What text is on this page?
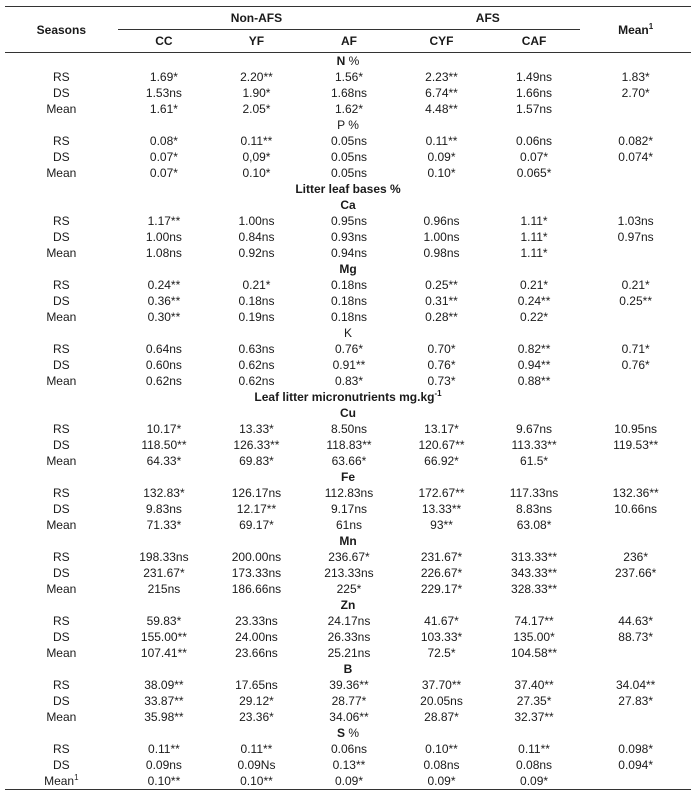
Seasons	Non-AFS			AFS		Mean$^1$
	CC	YF	AF	CYF	CAF	
N %						
RS	1.69*	2.20**	1.56*	2.23**	1.49ns	1.83*
DS	1.53ns	1.90*	1.68ns	6.74**	1.66ns	2.70*
Mean	1.61*	2.05*	1.62*	4.48**	1.57ns	
P %						
RS	0.08*	0.11**	0.05ns	0.11**	0.06ns	0.082*
DS	0.07*	0,09*	0.05ns	0.09*	0.07*	0.074*
Mean	0.07*	0.10*	0.05ns	0.10*	0.065*	
Litter leaf bases %						
Ca						
RS	1.17**	1.00ns	0.95ns	0.96ns	1.11*	1.03ns
DS	1.00ns	0.84ns	0.93ns	1.00ns	1.11*	0.97ns
Mean	1.08ns	0.92ns	0.94ns	0.98ns	1.11*	
Mg						
RS	0.24**	0.21*	0.18ns	0.25**	0.21*	0.21*
DS	0.36**	0.18ns	0.18ns	0.31**	0.24**	0.25**
Mean	0.30**	0.19ns	0.18ns	0.28**	0.22*	
K						
RS	0.64ns	0.63ns	0.76*	0.70*	0.82**	0.71*
DS	0.60ns	0.62ns	0.91**	0.76*	0.94**	0.76*
Mean	0.62ns	0.62ns	0.83*	0.73*	0.88**	
Leaf litter micronutrients $mg.kg^{-1}$
Cu						
RS	10.17*	13.33*	8.50ns	13.17*	9.67ns	10.95ns
DS	118.50**	126.33**	118.83**	120.67**	113.33**	119.53**
Mean	64.33*	69.83*	63.66*	66.92*	61.5*	
Fe						
RS	132.83*	126.17ns	112.83ns	172.67**	117.33ns	132.36**
DS	9.83ns	12.17**	9.17ns	13.33**	8.83ns	10.66ns
Mean	71.33*	69.17*	61ns	93**	63.08*	
Mn						
RS	198.33ns	200.00ns	236.67*	231.67*	313.33**	236*
DS	231.67*	173.33ns	213.33ns	226.67*	343.33**	237.66*
Mean	215ns	186.66ns	225*	229.17*	328.33**	
Zn						
RS	59.83*	23.33ns	24.17ns	41.67*	74.17**	44.63*
DS	155.00**	24.00ns	26.33ns	103.33*	135.00*	88.73*
Mean	107.41**	23.66ns	25.21ns	72.5*	104.58**	
B						
RS	38.09**	17.65ns	39.36**	37.70**	37.40**	34.04**
DS	33.87**	29.12*	28.77*	20.05ns	27.35*	27.83*
Mean	35.98**	23.36*	34.06**	28.87*	32.37**	
S %						
RS	0.11**	0.11**	0.06ns	0.10**	0.11**	0.098*
DS	0.09ns	0.09Ns	0.13**	0.08ns	0.08ns	0.094*
Mean$^1$	0.10**	0.10**	0.09*	0.09*	0.09*	
